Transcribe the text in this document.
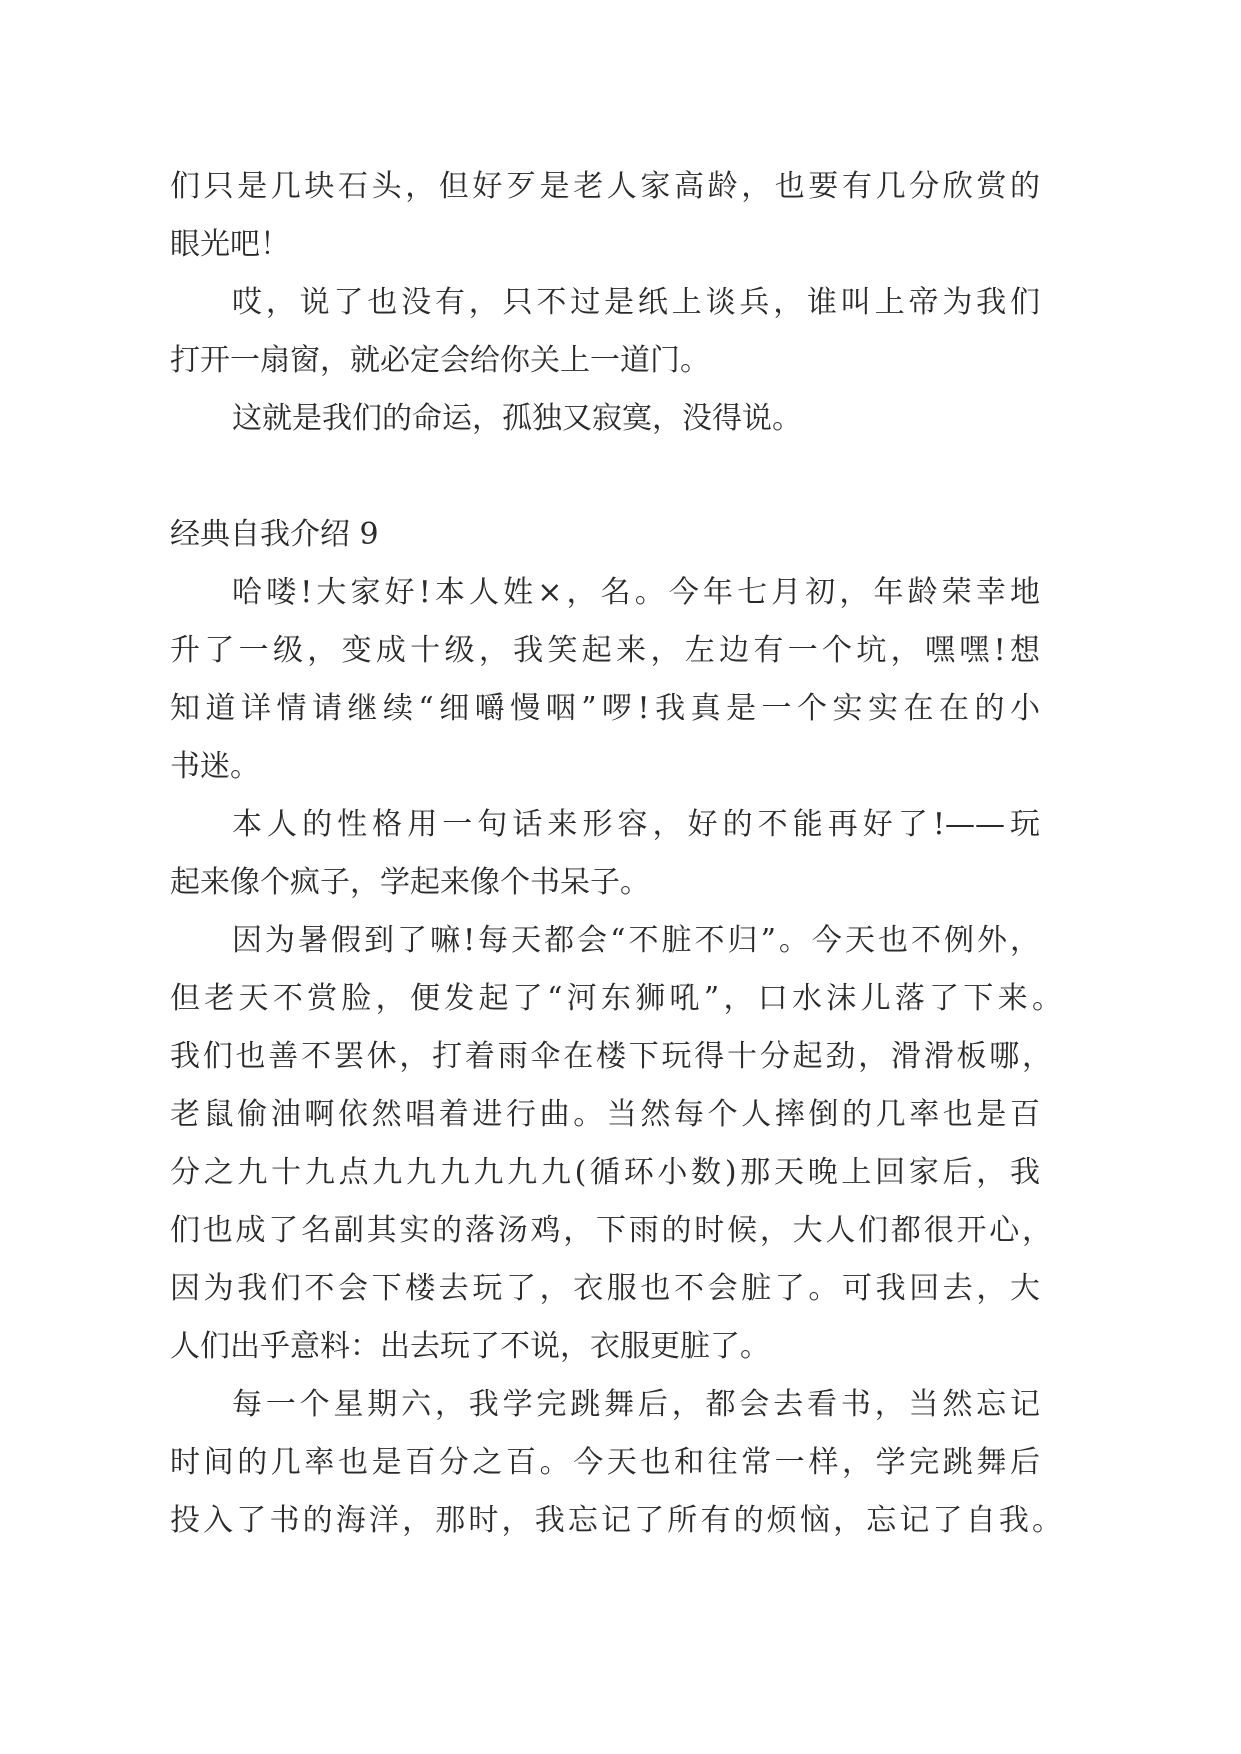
们只是几块石头，但好歹是老人家高龄，也要有几分欣赏的
眼光吧！
哎，说了也没有，只不过是纸上谈兵，谁叫上帝为我们
打开一扇窗，就必定会给你关上一道门。
这就是我们的命运，孤独又寂寞，没得说。
经典自我介绍 9
哈喽!大家好!本人姓×，名。今年七月初，年龄荣幸地
升了一级，变成十级，我笑起来，左边有一个坑，嘿嘿!想
知道详情请继续“细嚼慢咽”啰!我真是一个实实在在的小
书迷。
本人的性格用一句话来形容，好的不能再好了!——玩
起来像个疯子，学起来像个书呆子。
因为暑假到了嘛!每天都会“不脏不归”。今天也不例外，
但老天不赏脸，便发起了“河东狮吼”，口水沫儿落了下来。
我们也善不罢休，打着雨伞在楼下玩得十分起劲，滑滑板哪，
老鼠偷油啊依然唱着进行曲。当然每个人摔倒的几率也是百
分之九十九点九九九九九九(循环小数)那天晚上回家后，我
们也成了名副其实的落汤鸡，下雨的时候，大人们都很开心，
因为我们不会下楼去玩了，衣服也不会脏了。可我回去，大
人们出乎意料：出去玩了不说，衣服更脏了。
每一个星期六，我学完跳舞后，都会去看书，当然忘记
时间的几率也是百分之百。今天也和往常一样，学完跳舞后
投入了书的海洋，那时，我忘记了所有的烦恼，忘记了自我。
